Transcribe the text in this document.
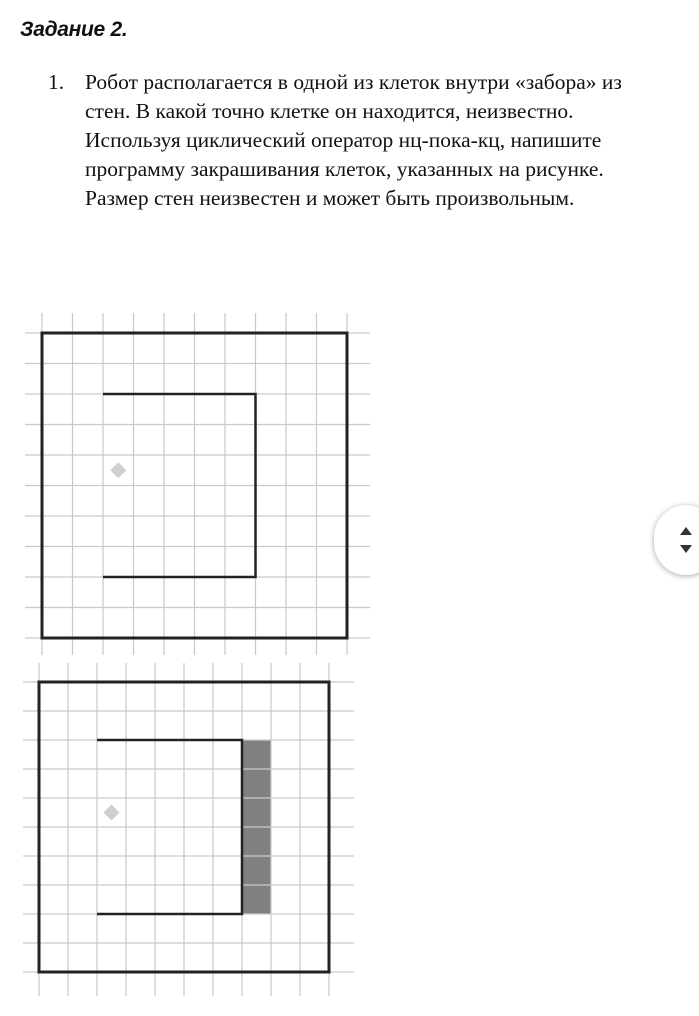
Задание 2.
1. Робот располагается в одной из клеток внутри «забора» из стен. В какой точно клетке он находится, неизвестно. Используя циклический оператор нц-пока-кц, напишите программу закрашивания клеток, указанных на рисунке. Размер стен неизвестен и может быть произвольным.
